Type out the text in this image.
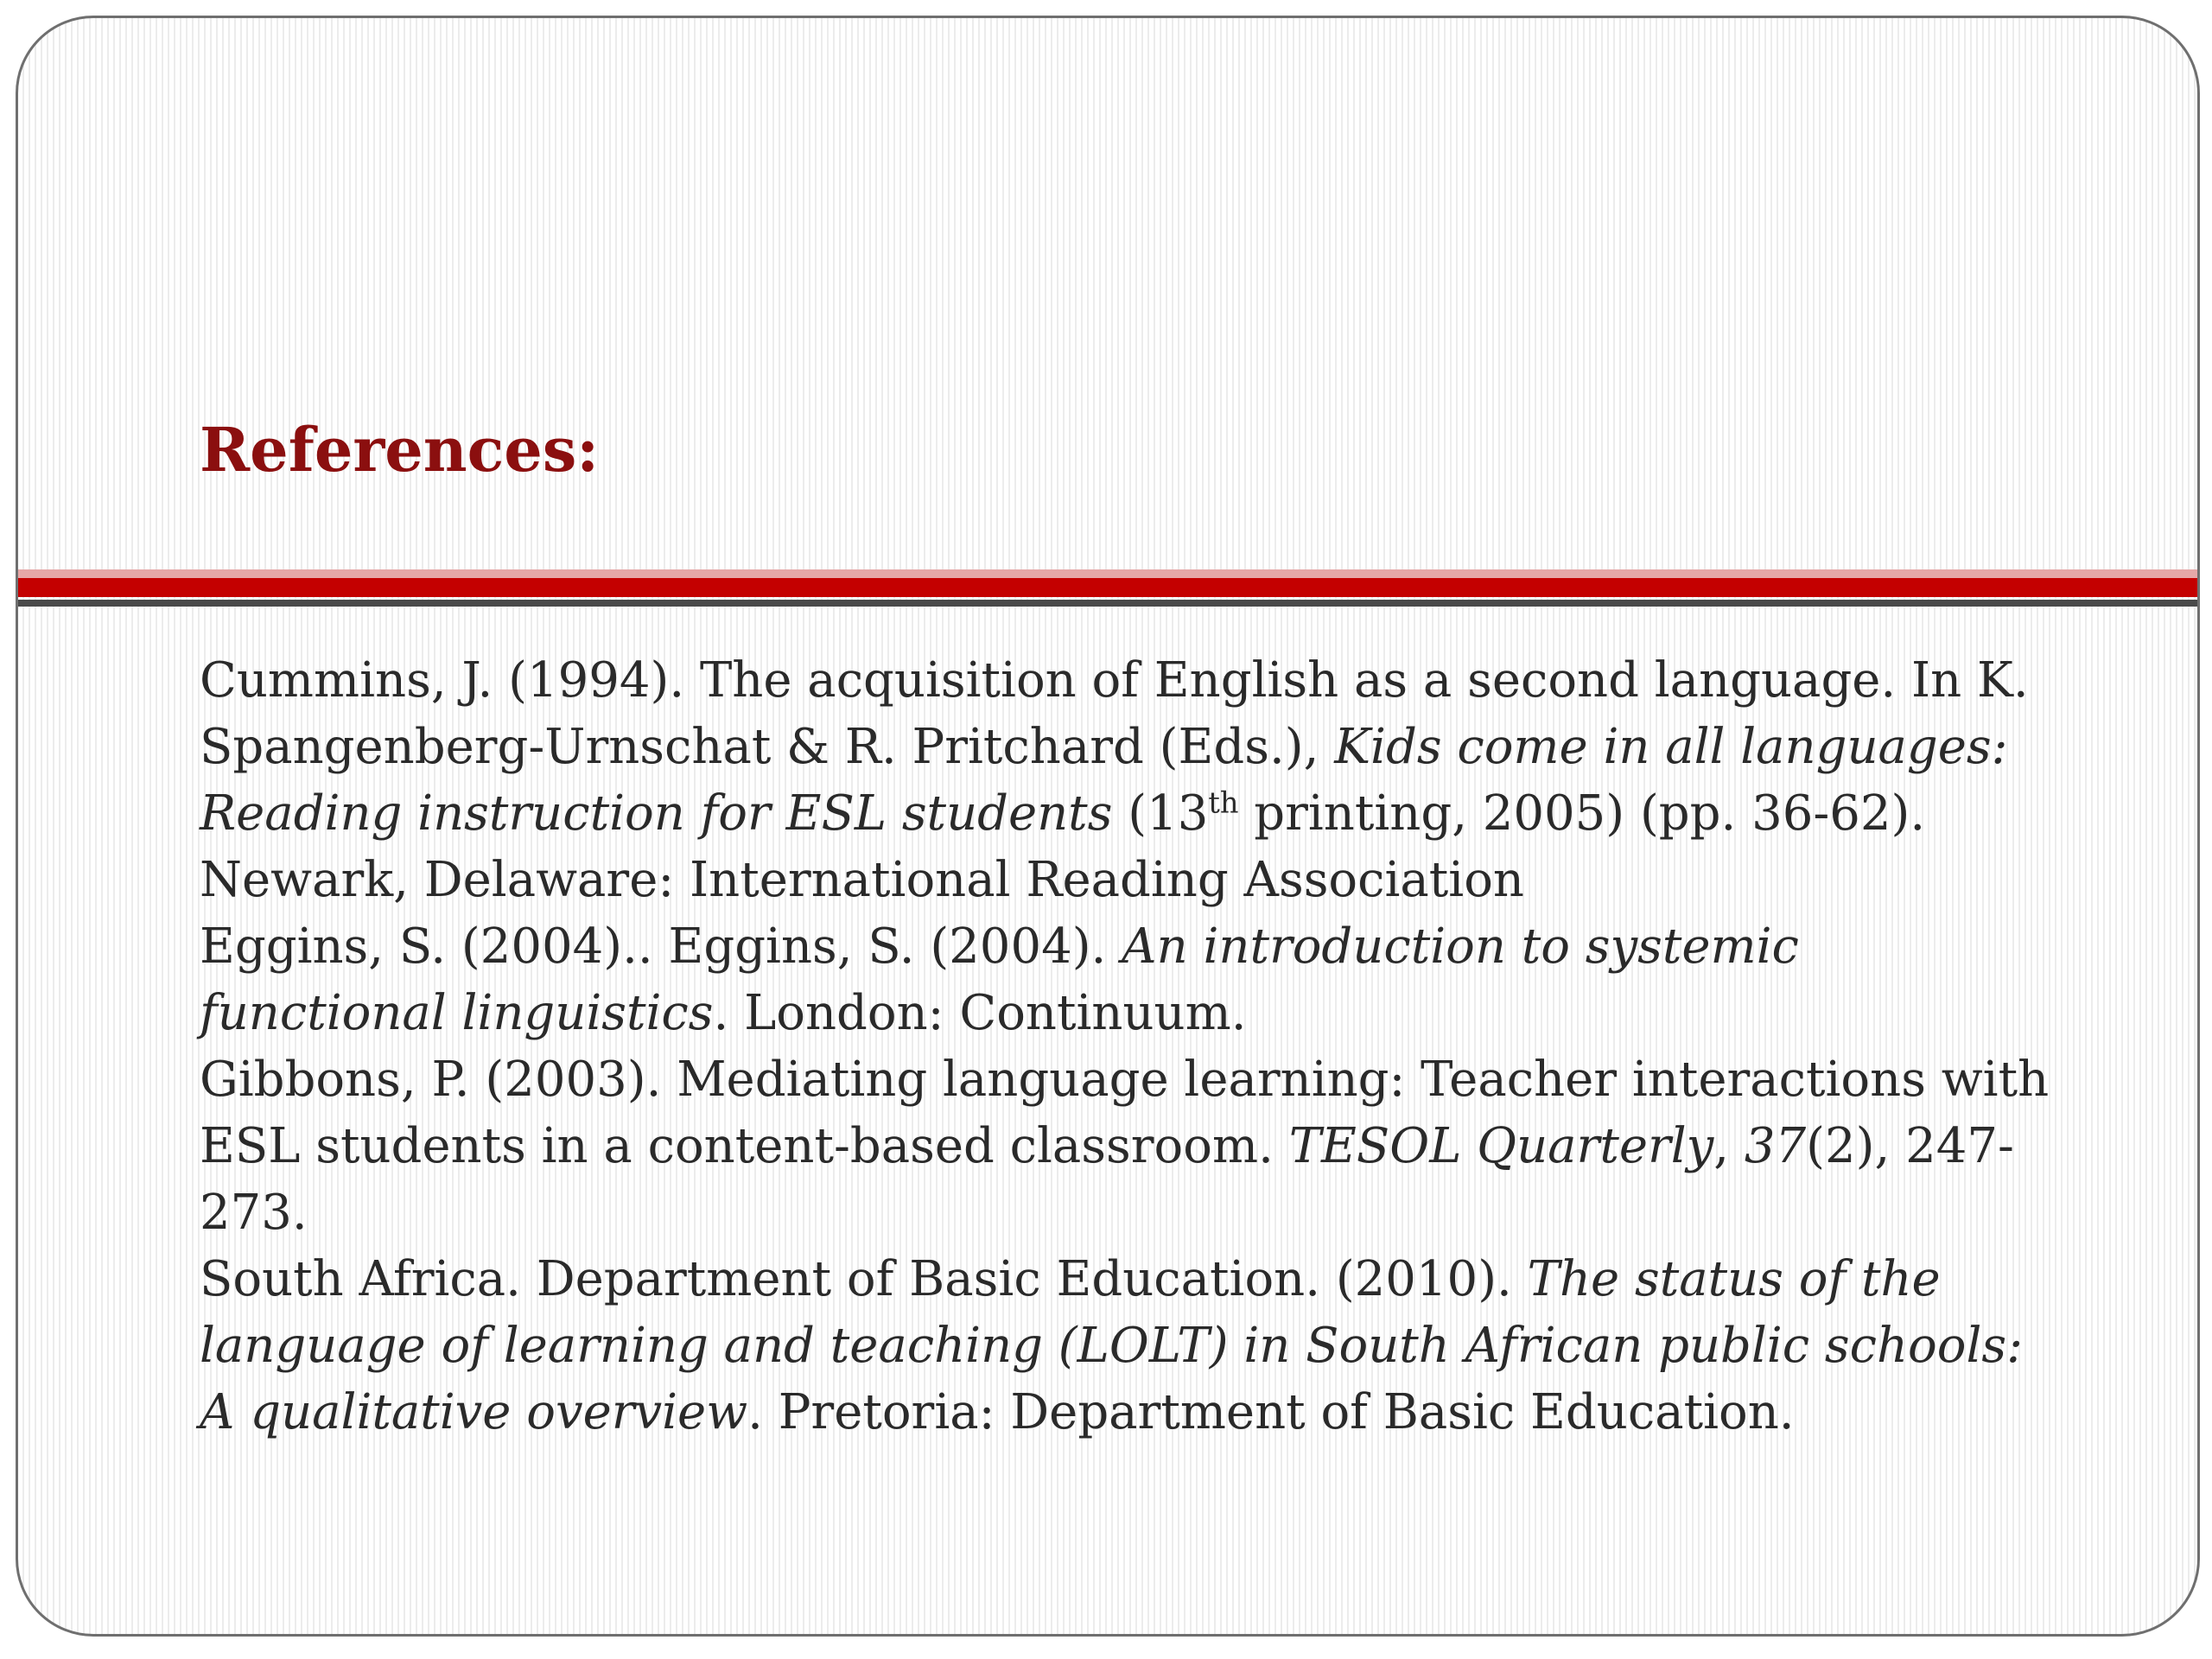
References:

Cummins, J. (1994). The acquisition of English as a second language. In K. Spangenberg-Urnschat & R. Pritchard (Eds.), Kids come in all languages: Reading instruction for ESL students (13th printing, 2005) (pp. 36-62). Newark, Delaware: International Reading Association

Eggins, S. (2004).. Eggins, S. (2004). An introduction to systemic functional linguistics. London: Continuum.

Gibbons, P. (2003). Mediating language learning: Teacher interactions with ESL students in a content-based classroom. TESOL Quarterly, 37(2), 247-273.

South Africa. Department of Basic Education. (2010). The status of the language of learning and teaching (LOLT) in South African public schools: A qualitative overview. Pretoria: Department of Basic Education.
